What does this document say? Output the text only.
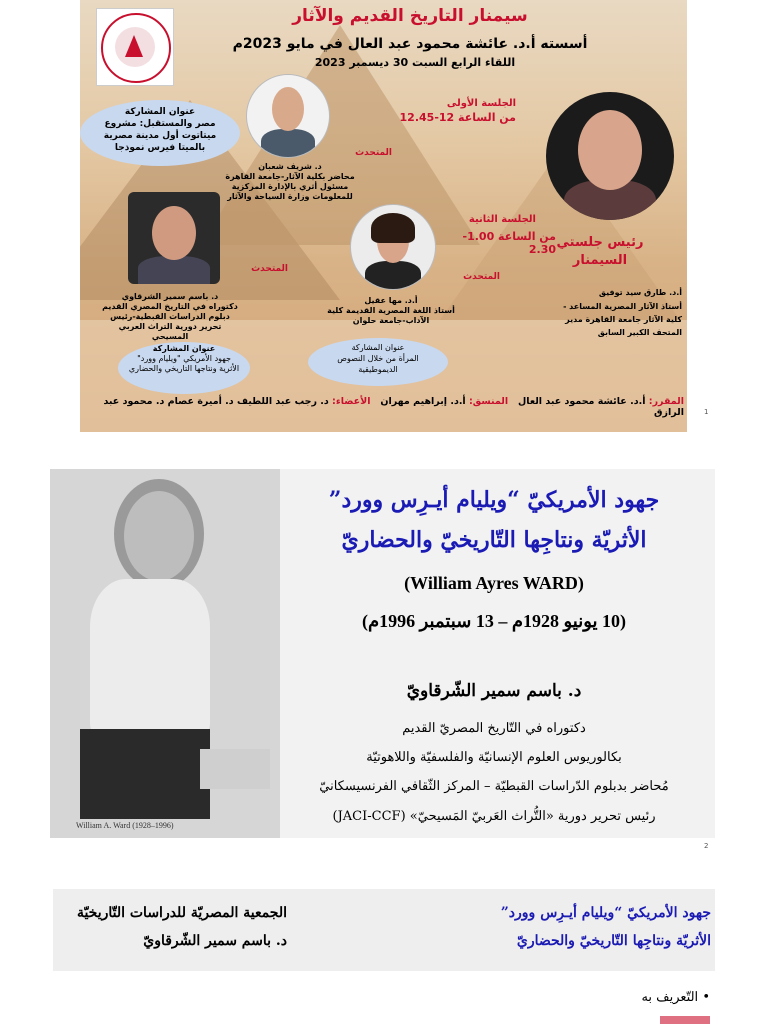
سيمنار التاريخ القديم والآثار
أسسته أ.د. عائشة محمود عبد العال في مايو 2023م
اللقاء الرابع السبت 30 ديسمبر 2023
رئيس جلستي السيمنار
أ.د. طارق سيد توفيق
أستاذ الآثار المصرية المساعد - كلية الآثار جامعة القاهرة مدير المتحف الكبير السابق
الجلسة الأولى
من الساعة 12-12.45
المتحدث
د. شريف شعبان
محاضر بكلية الآثار-جامعة القاهرة مسئول أثري بالإدارة المركزية للمعلومات وزارة السياحة والآثار
عنوان المشاركة
مصر والمستقبل: مشروع ميتاتوت أول مدينة مصرية بالميتا فيرس نموذجا
المتحدث
د. باسم سمير الشرقاوي
دكتوراه في التاريخ المصري القديم دبلوم الدراسات القبطية-رئيس تحرير دورية التراث العربي المسيحي
عنوان المشاركة
جهود الأمريكي "ويليام وورد" الأثرية ونتاجها التاريخي والحضاري
الجلسة الثانية
من الساعة 1.00- 2.30
المتحدث
أ.د. مها عقيل
أستاذ اللغة المصرية القديمة كلية الآداب-جامعة حلوان
عنوان المشاركة
المرأة من خلال النصوص الديموطيقية
المقرر: أ.د. عائشة محمود عبد العال   المنسق: أ.د. إبراهيم مهران   الأعضاء: د. رجب عبد اللطيف د. أميرة عصام د. محمود عبد الرازق	1
William A. Ward (1928–1996)
جهود الأمريكيّ “ويليام أيـرِس وورد”
الأثريّة ونتاجِها التّاريخيّ والحضاريّ
(William Ayres WARD)
(10 يونيو 1928م – 13 سبتمبر 1996م)
د. باسم سمير الشّرقاويّ
دكتوراه في التّاريخ المصريّ القديم
بكالوريوس العلوم الإنسانيّة والفلسفيّة واللاهوتيّة
مُحاضر بدبلوم الدّراسات القبطيّة – المركز الثّقافي الفرنسيسكانيّ
رئيس تحرير دورية «التُّراث العَربيّ المَسيحيّ» (JACI-CCF)
2
الجمعية المصريّة للدراسات التّاريخيّة
د. باسم سمير الشّرقاويّ
جهود الأمريكيّ “ويليام أيـرِس وورد”
الأثريّة ونتاجِها التّاريخيّ والحضاريّ
• التّعريف به
